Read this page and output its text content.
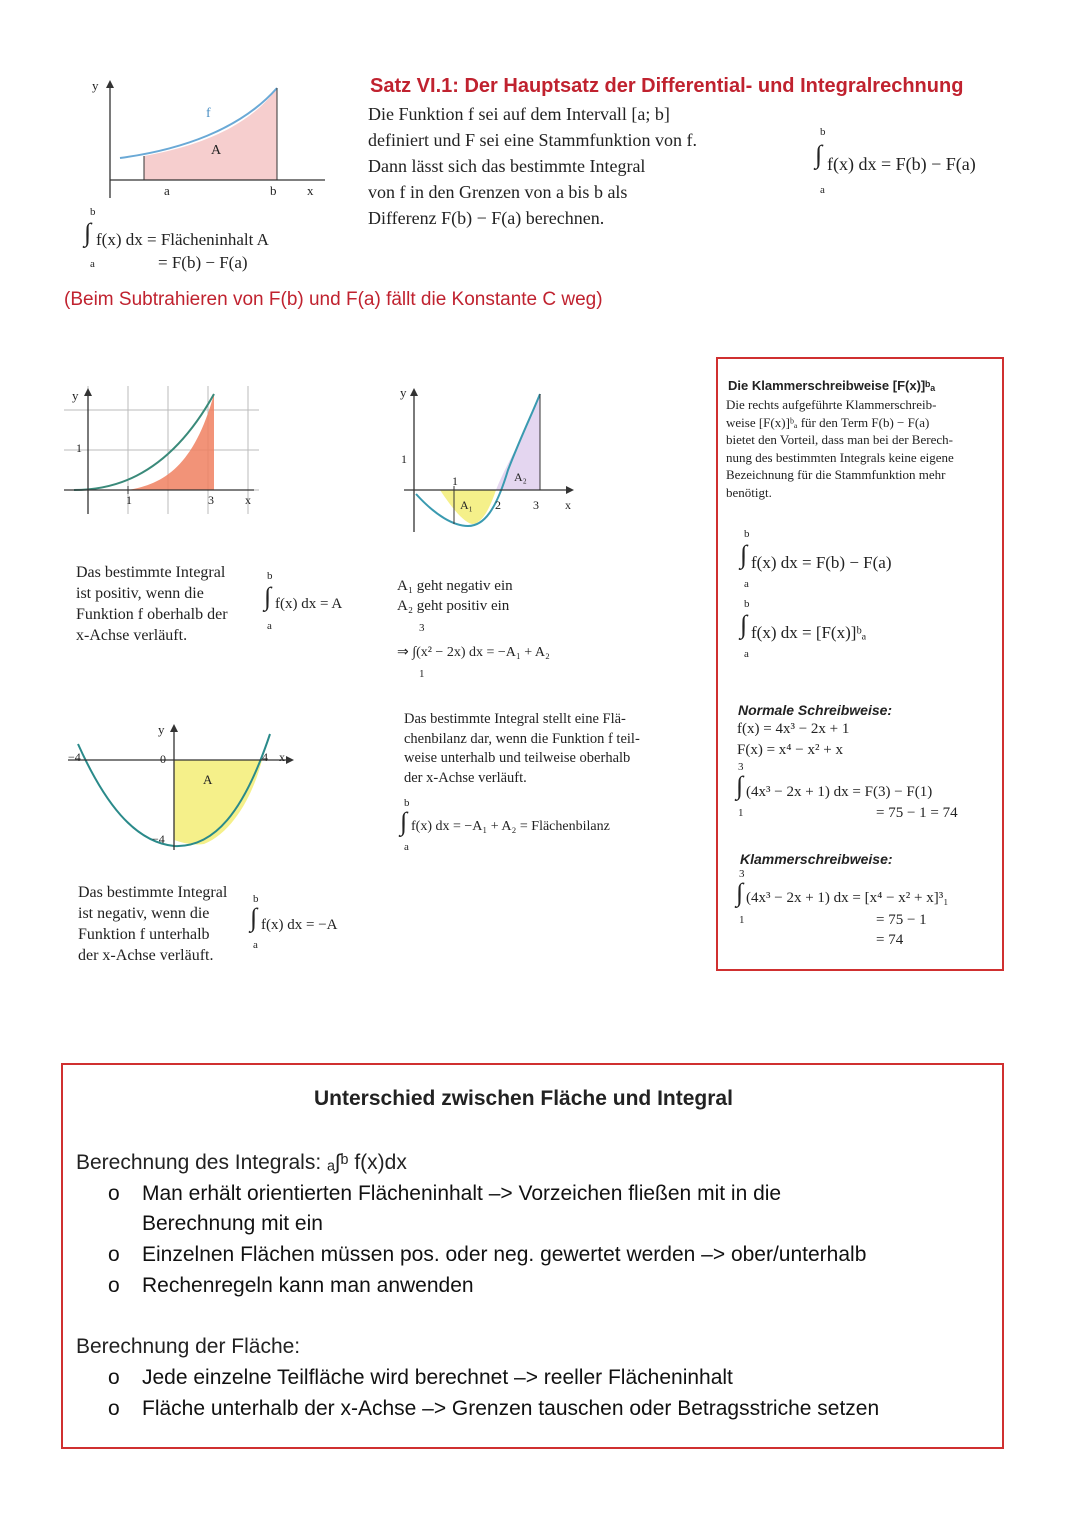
y
f
A
a	b x
b
∫ f(x) dx = Flächeninhalt A
a	= F(b) − F(a)
Satz VI.1: Der Hauptsatz der Differential- und Integralrechnung
Die Funktion f sei auf dem Intervall [a; b]
definiert und F sei eine Stammfunktion von f.
Dann lässt sich das bestimmte Integral
von f in den Grenzen von a bis b als
Differenz F(b) − F(a) berechnen.
b
∫ f(x) dx = F(b) − F(a)
a
(Beim Subtrahieren von F(b) und F(a) fällt die Konstante C weg)
y
1
1	3	x
Das bestimmte Integral
ist positiv, wenn die
Funktion f oberhalb der
x-Achse verläuft.
b
∫ f(x) dx = A
a
y
1
1	A₂
A₁ 2	3 x
A₁ geht negativ ein
A₂ geht positiv ein
3
⇒ ∫(x² − 2x) dx = −A₁ + A₂
1
Das bestimmte Integral stellt eine Flä-
chenbilanz dar, wenn die Funktion f teil-
weise unterhalb und teilweise oberhalb
der x-Achse verläuft.
b
∫ f(x) dx = −A₁ + A₂ = Flächenbilanz
a
y
−4	0	4 x
A
−4
Das bestimmte Integral
ist negativ, wenn die
Funktion f unterhalb
der x-Achse verläuft.
b
∫ f(x) dx = −A
a
Die Klammerschreibweise [F(x)]ᵇₐ
Die rechts aufgeführte Klammerschreib-
weise [F(x)]ᵇₐ für den Term F(b) − F(a)
bietet den Vorteil, dass man bei der Berech-
nung des bestimmten Integrals keine eigene
Bezeichnung für die Stammfunktion mehr
benötigt.
b
∫ f(x) dx = F(b) − F(a)
a
b
∫ f(x) dx = [F(x)]ᵇₐ
a
Normale Schreibweise:
f(x) = 4x³ − 2x + 1
F(x) = x⁴ − x² + x
3
∫ (4x³ − 2x + 1) dx = F(3) − F(1)
1	= 75 − 1 = 74
Klammerschreibweise:
3
∫ (4x³ − 2x + 1) dx = [x⁴ − x² + x]³₁
1	= 75 − 1
= 74
Unterschied zwischen Fläche und Integral
Berechnung des Integrals: ₐ∫ᵇ f(x)dx
o Man erhält orientierten Flächeninhalt –> Vorzeichen fließen mit in die
Berechnung mit ein
o Einzelnen Flächen müssen pos. oder neg. gewertet werden –> ober/unterhalb
o Rechenregeln kann man anwenden
Berechnung der Fläche:
o Jede einzelne Teilfläche wird berechnet –> reeller Flächeninhalt
o Fläche unterhalb der x-Achse –> Grenzen tauschen oder Betragsstriche setzen
